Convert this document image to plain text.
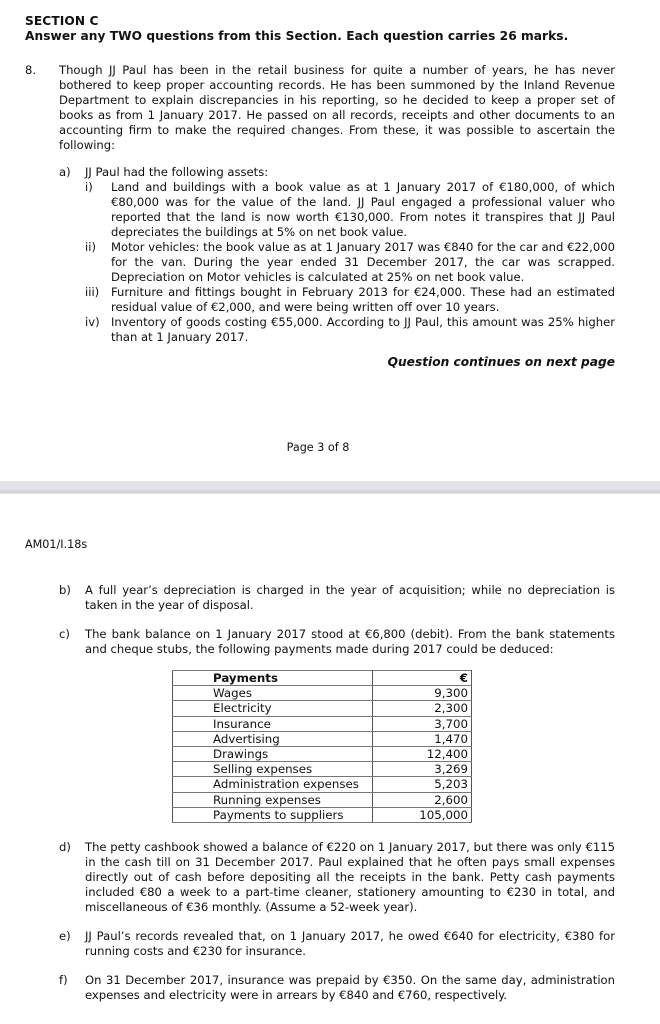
SECTION C
Answer any TWO questions from this Section. Each question carries 26 marks.
8. Though JJ Paul has been in the retail business for quite a number of years, he has never bothered to keep proper accounting records. He has been summoned by the Inland Revenue Department to explain discrepancies in his reporting, so he decided to keep a proper set of books as from 1 January 2017. He passed on all records, receipts and other documents to an accounting firm to make the required changes. From these, it was possible to ascertain the following:
a) JJ Paul had the following assets:
i) Land and buildings with a book value as at 1 January 2017 of €180,000, of which €80,000 was for the value of the land. JJ Paul engaged a professional valuer who reported that the land is now worth €130,000. From notes it transpires that JJ Paul depreciates the buildings at 5% on net book value.
ii) Motor vehicles: the book value as at 1 January 2017 was €840 for the car and €22,000 for the van. During the year ended 31 December 2017, the car was scrapped. Depreciation on Motor vehicles is calculated at 25% on net book value.
iii) Furniture and fittings bought in February 2013 for €24,000. These had an estimated residual value of €2,000, and were being written off over 10 years.
iv) Inventory of goods costing €55,000. According to JJ Paul, this amount was 25% higher than at 1 January 2017.
Question continues on next page
Page 3 of 8
AM01/I.18s
b) A full year’s depreciation is charged in the year of acquisition; while no depreciation is taken in the year of disposal.
c) The bank balance on 1 January 2017 stood at €6,800 (debit). From the bank statements and cheque stubs, the following payments made during 2017 could be deduced:
Payments	€
Wages	9,300
Electricity	2,300
Insurance	3,700
Advertising	1,470
Drawings	12,400
Selling expenses	3,269
Administration expenses	5,203
Running expenses	2,600
Payments to suppliers	105,000
d) The petty cashbook showed a balance of €220 on 1 January 2017, but there was only €115 in the cash till on 31 December 2017. Paul explained that he often pays small expenses directly out of cash before depositing all the receipts in the bank. Petty cash payments included €80 a week to a part-time cleaner, stationery amounting to €230 in total, and miscellaneous of €36 monthly. (Assume a 52-week year).
e) JJ Paul’s records revealed that, on 1 January 2017, he owed €640 for electricity, €380 for running costs and €230 for insurance.
f) On 31 December 2017, insurance was prepaid by €350. On the same day, administration expenses and electricity were in arrears by €840 and €760, respectively.
